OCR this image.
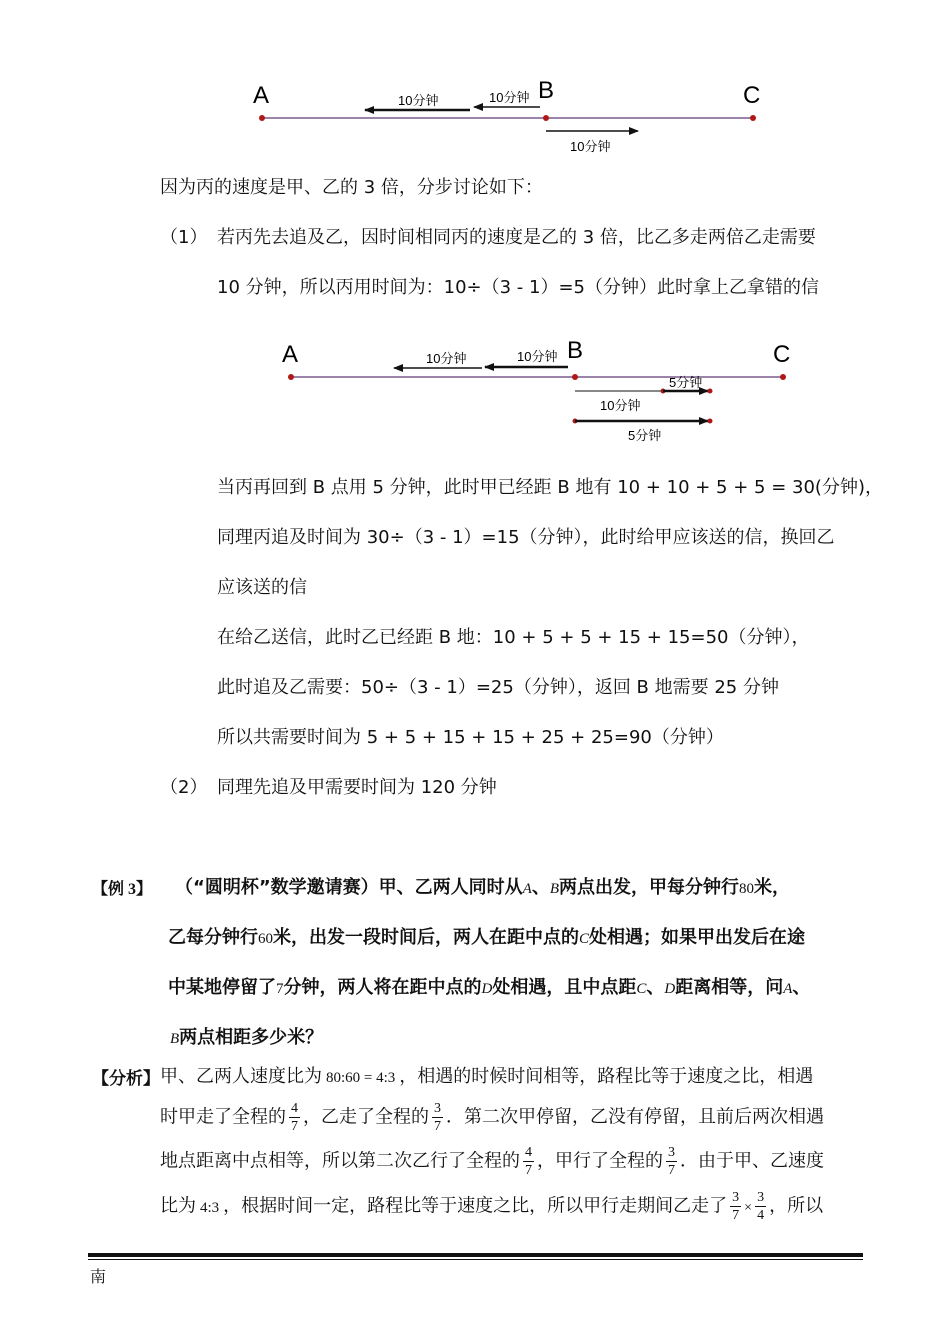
A	B	C
10分钟	10分钟
10分钟
因为丙的速度是甲、乙的 3 倍，分步讨论如下：
（1） 若丙先去追及乙，因时间相同丙的速度是乙的 3 倍，比乙多走两倍乙走需要
10 分钟，所以丙用时间为：10÷（3 - 1）=5（分钟）此时拿上乙拿错的信
A	B	C
10分钟	10分钟
5分钟
10分钟
5分钟
当丙再回到 B 点用 5 分钟，此时甲已经距 B 地有 10 + 10 + 5 + 5 = 30(分钟)，
同理丙追及时间为 30÷（3 - 1）=15（分钟），此时给甲应该送的信，换回乙
应该送的信
在给乙送信，此时乙已经距 B 地：10 + 5 + 5 + 15 + 15=50（分钟），
此时追及乙需要：50÷（3 - 1）=25（分钟），返回 B 地需要 25 分钟
所以共需要时间为 5 + 5 + 15 + 15 + 25 + 25=90（分钟）
（2） 同理先追及甲需要时间为 120 分钟
【例 3】 （“圆明杯”数学邀请赛）甲、乙两人同时从A、B两点出发，甲每分钟行80米，
乙每分钟行60米，出发一段时间后，两人在距中点的C处相遇；如果甲出发后在途
中某地停留了7分钟，两人将在距中点的D处相遇，且中点距C、D距离相等，问A、
B两点相距多少米？
【分析】 甲、乙两人速度比为 80:60 = 4:3 ，相遇的时候时间相等，路程比等于速度之比，相遇
时甲走了全程的 $\frac{4}{7}$ ，乙走了全程的 $\frac{3}{7}$ ．第二次甲停留，乙没有停留，且前后两次相遇
地点距离中点相等，所以第二次乙行了全程的 $\frac{4}{7}$ ，甲行了全程的 $\frac{3}{7}$ ．由于甲、乙速度
比为 4:3 ，根据时间一定，路程比等于速度之比，所以甲行走期间乙走了 $\frac{3}{7} \times \frac{3}{4}$ ，所以
南
